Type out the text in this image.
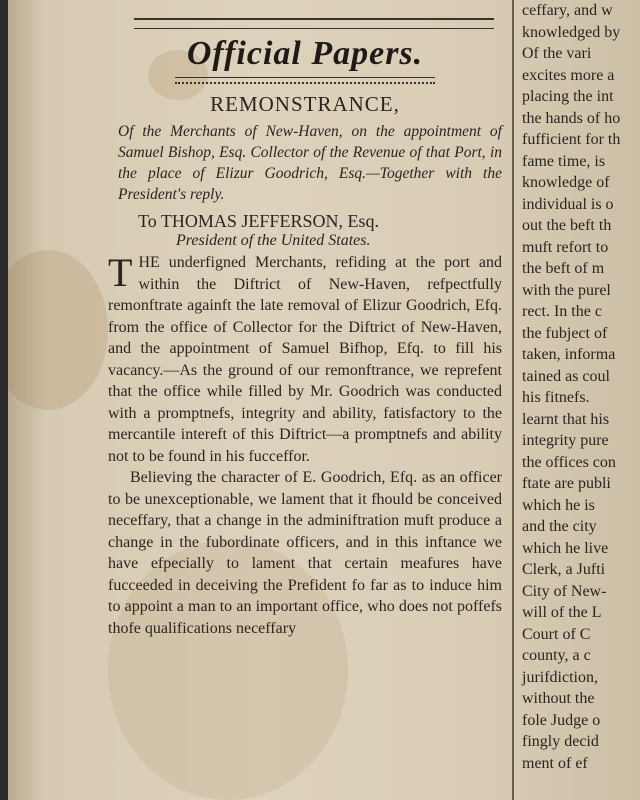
Official Papers.
REMONSTRANCE,
Of the Merchants of New-Haven, on the appointment of Samuel Bishop, Esq. Collector of the Revenue of that Port, in the place of Elizur Goodrich, Esq.—Together with the President's reply.
To THOMAS JEFFERSON, Esq.
President of the United States.

THE underfigned Merchants, refiding at the port and within the Diftrict of New-Haven, refpectfully remonftrate againft the late removal of Elizur Goodrich, Efq. from the office of Collector for the Diftrict of New-Haven, and the appointment of Samuel Bifhop, Efq. to fill his vacancy.—As the ground of our remonftrance, we reprefent that the office while filled by Mr. Goodrich was conducted with a promptnefs, integrity and ability, fatisfactory to the mercantile intereft of this Diftrict—a promptnefs and ability not to be found in his fucceffor.

Believing the character of E. Goodrich, Efq. as an officer to be unexceptionable, we lament that it fhould be conceived neceffary, that a change in the adminiftration muft produce a change in the fubordinate officers, and in this inftance we have efpecially to lament that certain meafures have fucceeded in deceiving the Prefident fo far as to induce him to appoint a man to an important office, who does not poffefs thofe qualifications neceffary

ceffary, and w
knowledged by
Of the vari
excites more a
placing the int
the hands of ho
fufficient for th
fame time, is
knowledge of
individual is o
out the beft th
muft refort to
the beft of m
with the purel
rect. In the c
the fubject of
taken, informa
tained as coul
his fitnefs.
learnt that his
integrity pure
the offices con
ftate are publi
which he is
and the city
which he live
Clerk, a Jufti
City of New-
will of the L
Court of C
county, a c
jurifdiction,
without the
fole Judge o
fingly decid
ment of ef
